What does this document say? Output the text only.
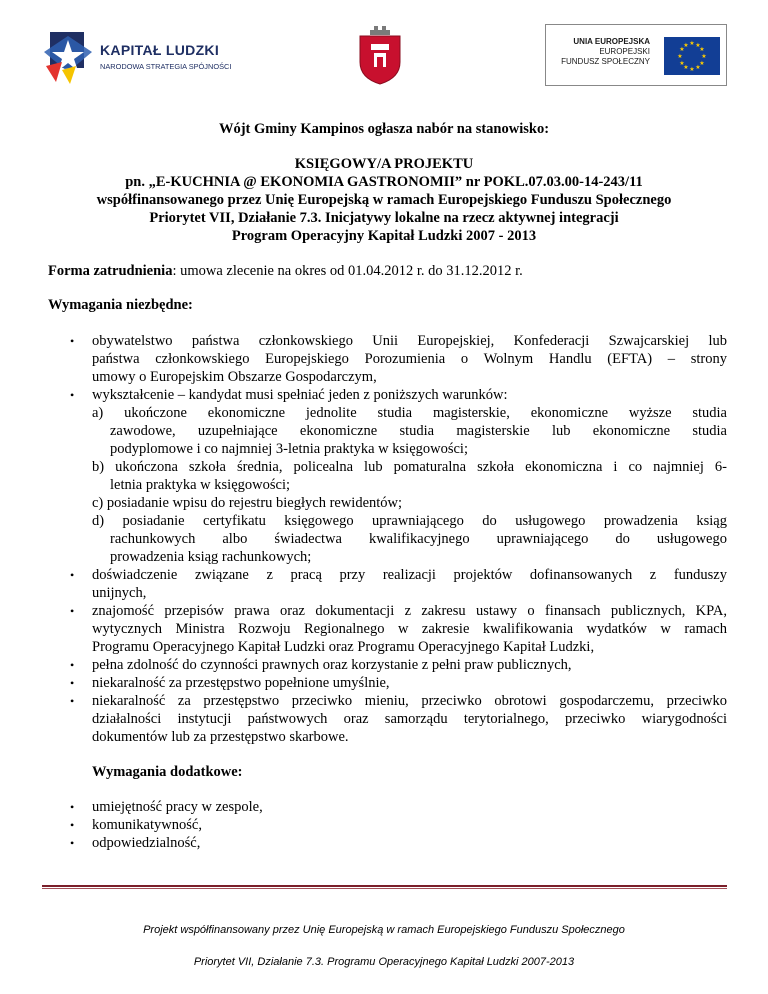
KAPITAŁ LUDZKI
NARODOWA STRATEGIA SPÓJNOŚCI
UNIA EUROPEJSKA
EUROPEJSKI
FUNDUSZ SPOŁECZNY
★ ★
★
★
★
★
★
★
★
★
★
★
Wójt Gminy Kampinos ogłasza nabór na stanowisko:
KSIĘGOWY/A PROJEKTU
pn. „E-KUCHNIA @ EKONOMIA GASTRONOMII” nr POKL.07.03.00-14-243/11
współfinansowanego przez Unię Europejską w ramach Europejskiego Funduszu Społecznego
Priorytet VII, Działanie 7.3. Inicjatywy lokalne na rzecz aktywnej integracji
Program Operacyjny Kapitał Ludzki 2007 - 2013
Forma zatrudnienia: umowa zlecenie na okres od 01.04.2012 r. do 31.12.2012 r.
Wymagania niezbędne:
• obywatelstwo państwa członkowskiego Unii Europejskiej, Konfederacji Szwajcarskiej lub
państwa członkowskiego Europejskiego Porozumienia o Wolnym Handlu (EFTA) – strony
umowy o Europejskim Obszarze Gospodarczym,
• wykształcenie – kandydat musi spełniać jeden z poniższych warunków:
a) ukończone ekonomiczne jednolite studia magisterskie, ekonomiczne wyższe studia
zawodowe, uzupełniające ekonomiczne studia magisterskie lub ekonomiczne studia
podyplomowe i co najmniej 3-letnia praktyka w księgowości;
b) ukończona szkoła średnia, policealna lub pomaturalna szkoła ekonomiczna i co najmniej 6-
letnia praktyka w księgowości;
c) posiadanie wpisu do rejestru biegłych rewidentów;
d) posiadanie certyfikatu księgowego uprawniającego do usługowego prowadzenia ksiąg
rachunkowych albo świadectwa kwalifikacyjnego uprawniającego do usługowego
prowadzenia ksiąg rachunkowych;
• doświadczenie związane z pracą przy realizacji projektów dofinansowanych z funduszy
unijnych,
• znajomość przepisów prawa oraz dokumentacji z zakresu ustawy o finansach publicznych, KPA,
wytycznych Ministra Rozwoju Regionalnego w zakresie kwalifikowania wydatków w ramach
Programu Operacyjnego Kapitał Ludzki oraz Programu Operacyjnego Kapitał Ludzki,
• pełna zdolność do czynności prawnych oraz korzystanie z pełni praw publicznych,
• niekaralność za przestępstwo popełnione umyślnie,
• niekaralność za przestępstwo przeciwko mieniu, przeciwko obrotowi gospodarczemu, przeciwko
działalności instytucji państwowych oraz samorządu terytorialnego, przeciwko wiarygodności
dokumentów lub za przestępstwo skarbowe.
Wymagania dodatkowe:
• umiejętność pracy w zespole,
• komunikatywność,
• odpowiedzialność,
Projekt współfinansowany przez Unię Europejską w ramach Europejskiego Funduszu Społecznego
Priorytet VII, Działanie 7.3. Programu Operacyjnego Kapitał Ludzki 2007-2013
